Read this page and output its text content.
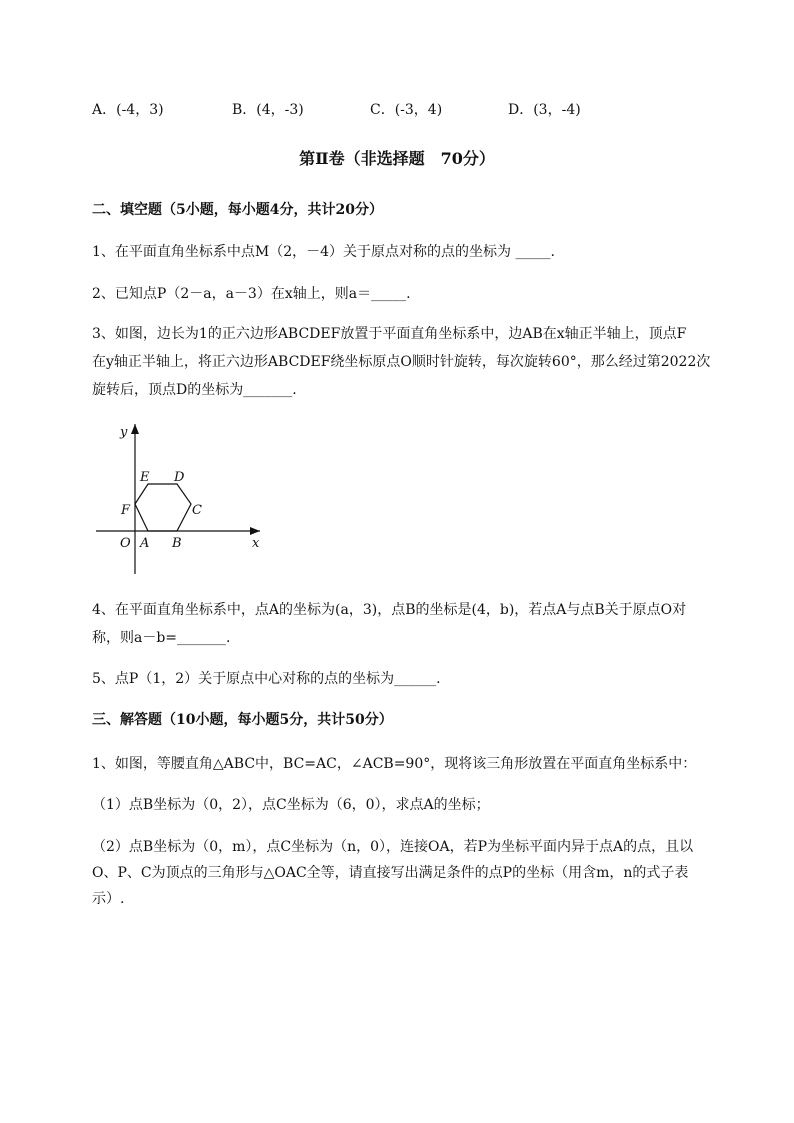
A．(-4，3)	B．(4，-3)	C．(-3，4)	D．(3，-4)
第Ⅱ卷（非选择题　70分）
二、填空题（5小题，每小题4分，共计20分）
1、在平面直角坐标系中点M（2，－4）关于原点对称的点的坐标为 _____.
2、已知点P（2－a，a－3）在x轴上，则a＝_____.
3、如图，边长为1的正六边形ABCDEF放置于平面直角坐标系中，边AB在x轴正半轴上，顶点F
在y轴正半轴上，将正六边形ABCDEF绕坐标原点O顺时针旋转，每次旋转60°，那么经过第2022次
旋转后，顶点D的坐标为_______.
y
x
O A B
C
D
E
F
4、在平面直角坐标系中，点A的坐标为(a，3)，点B的坐标是(4，b)，若点A与点B关于原点O对
称，则a－b=_______.
5、点P（1，2）关于原点中心对称的点的坐标为______.
三、解答题（10小题，每小题5分，共计50分）
1、如图，等腰直角△ABC中，BC=AC，∠ACB=90°，现将该三角形放置在平面直角坐标系中：
（1）点B坐标为（0，2），点C坐标为（6，0），求点A的坐标；
（2）点B坐标为（0，m），点C坐标为（n，0），连接OA，若P为坐标平面内异于点A的点，且以
O、P、C为顶点的三角形与△OAC全等，请直接写出满足条件的点P的坐标（用含m，n的式子表
示）.
